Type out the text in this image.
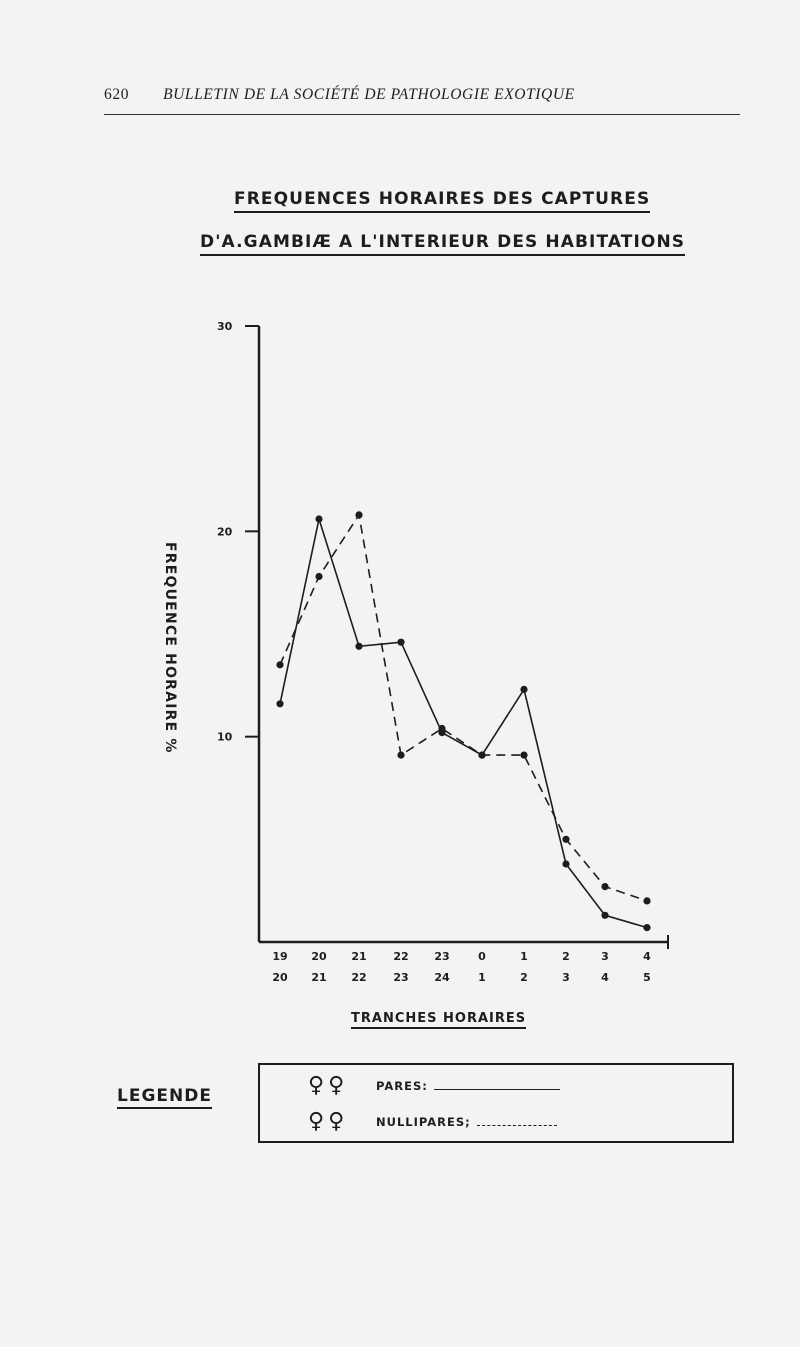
620 BULLETIN DE LA SOCIÉTÉ DE PATHOLOGIE EXOTIQUE
FREQUENCES HORAIRES DES CAPTURES
D'A.GAMBIÆ A L'INTERIEUR DES HABITATIONS
30
20
10
19
20
20
21
21
22
22
23
23
24
0
1
1
2
2
3
3
4
4
5
FREQUENCE HORAIRE %
TRANCHES HORAIRES
LEGENDE	♀♀	PARES:
♀♀	NULLIPARES;
